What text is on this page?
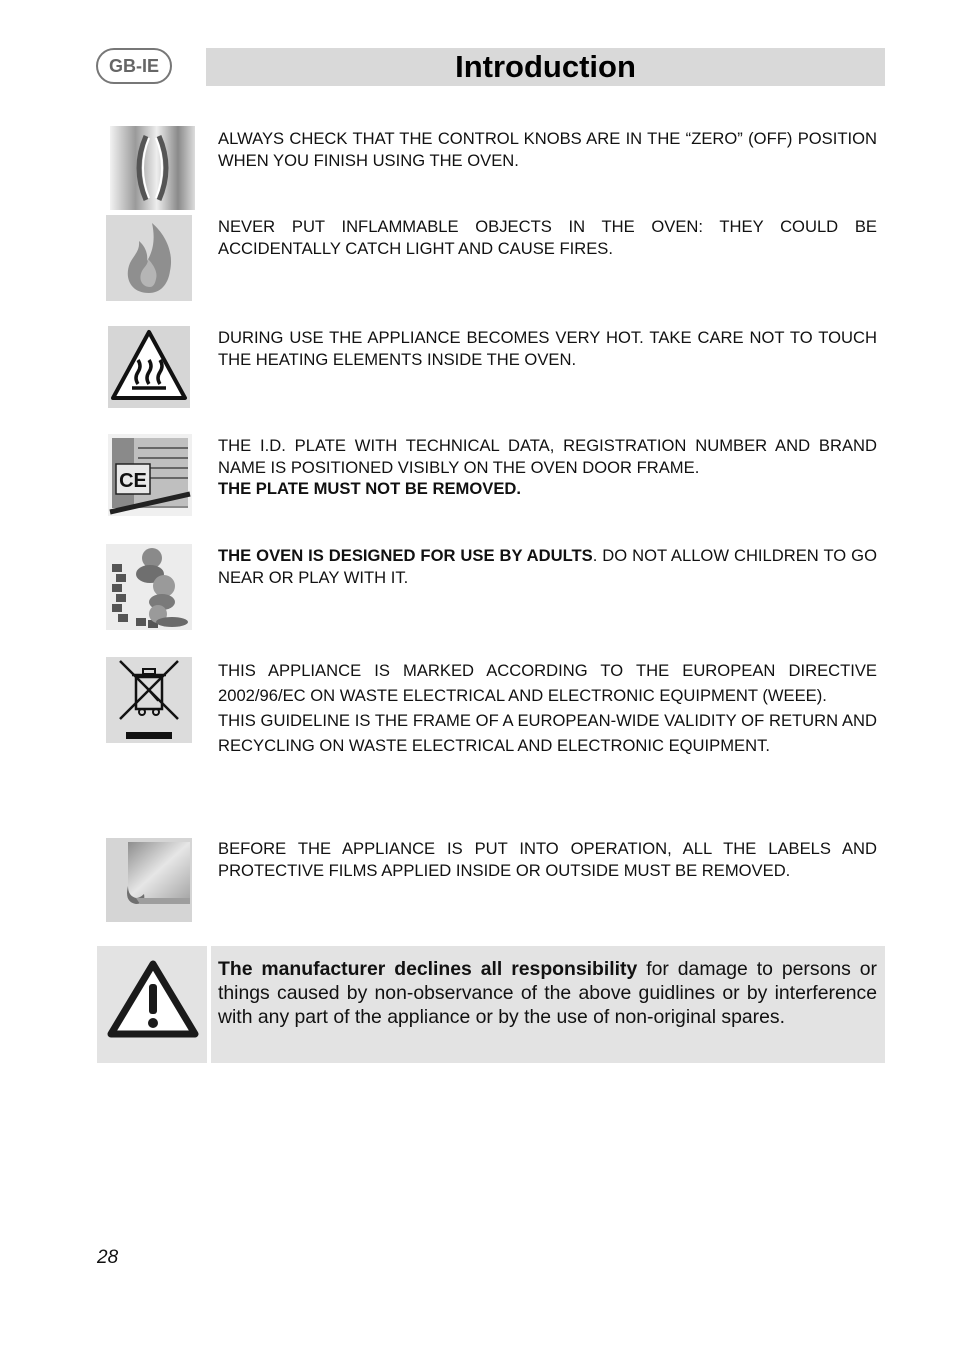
GB-IE	Introduction

ALWAYS CHECK THAT THE CONTROL KNOBS ARE IN THE “ZERO” (OFF) POSITION WHEN YOU FINISH USING THE OVEN.

NEVER PUT INFLAMMABLE OBJECTS IN THE OVEN: THEY COULD BE ACCIDENTALLY CATCH LIGHT AND CAUSE FIRES.

DURING USE THE APPLIANCE BECOMES VERY HOT. TAKE CARE NOT TO TOUCH THE HEATING ELEMENTS INSIDE THE OVEN.

CE

THE I.D. PLATE WITH TECHNICAL DATA, REGISTRATION NUMBER AND BRAND NAME IS POSITIONED VISIBLY ON THE OVEN DOOR FRAME.

THE PLATE MUST NOT BE REMOVED.

THE OVEN IS DESIGNED FOR USE BY ADULTS. DO NOT ALLOW CHILDREN TO GO NEAR OR PLAY WITH IT.

THIS APPLIANCE IS MARKED ACCORDING TO THE EUROPEAN DIRECTIVE 2002/96/EC ON WASTE ELECTRICAL AND ELECTRONIC EQUIPMENT (WEEE).

THIS GUIDELINE IS THE FRAME OF A EUROPEAN-WIDE VALIDITY OF RETURN AND RECYCLING ON WASTE ELECTRICAL AND ELECTRONIC EQUIPMENT.

BEFORE THE APPLIANCE IS PUT INTO OPERATION, ALL THE LABELS AND PROTECTIVE FILMS APPLIED INSIDE OR OUTSIDE MUST BE REMOVED.

The manufacturer declines all responsibility for damage to persons or things caused by non-observance of the above guidlines or by interference with any part of the appliance or by the use of non-original spares.
28
